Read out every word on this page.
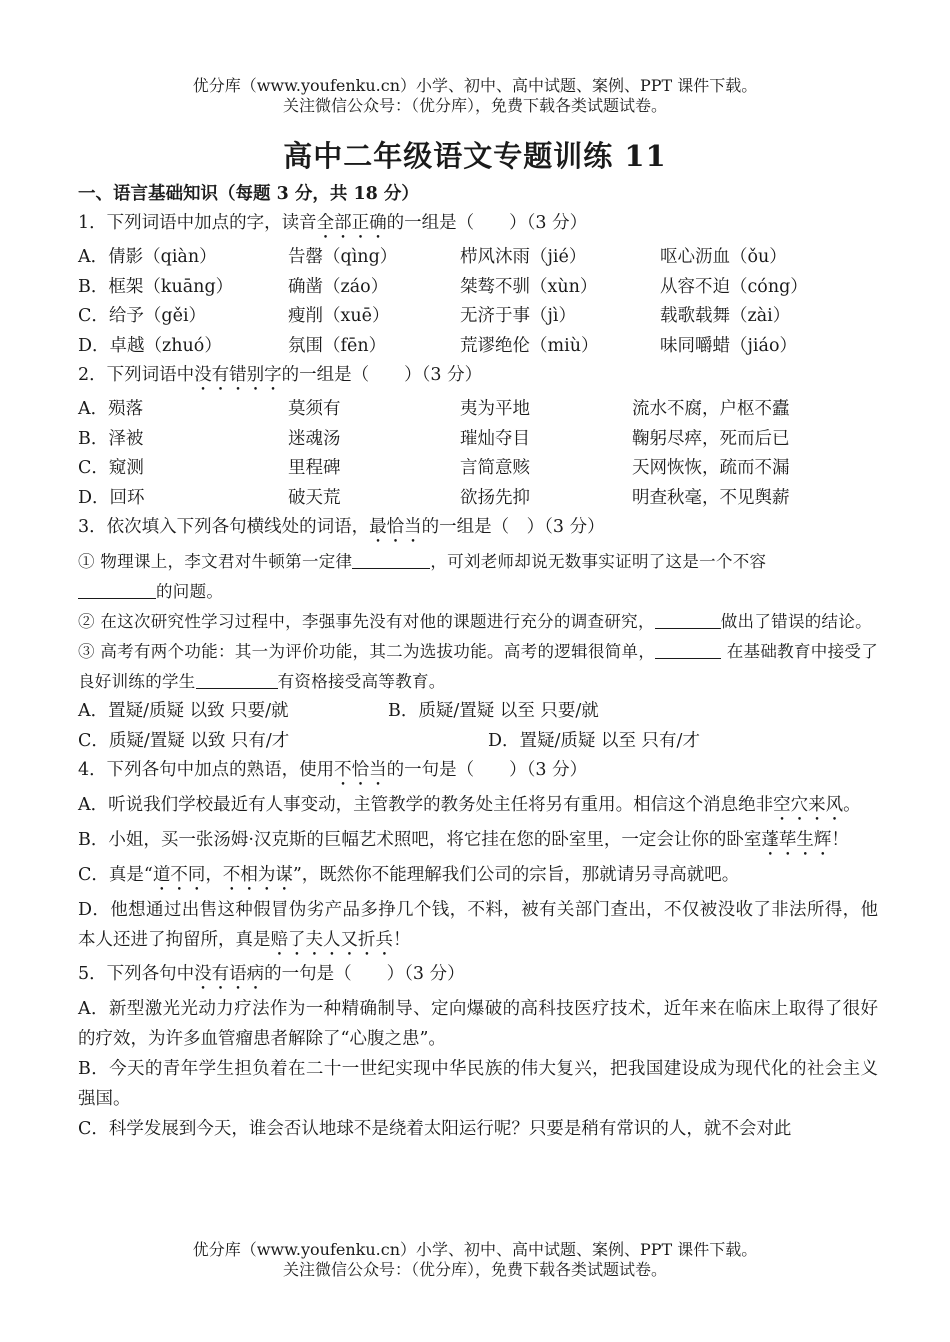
优分库（www.youfenku.cn）小学、初中、高中试题、案例、PPT 课件下载。
关注微信公众号：（优分库），免费下载各类试题试卷。
高中二年级语文专题训练 11
一、语言基础知识（每题 3 分，共 18 分）
1．下列词语中加点的字，读音全部正确的一组是（　　）（3 分）
A．倩影（qiàn）	告罄（qìng）	栉风沐雨（jié）	呕心沥血（ǒu）
B．框架（kuāng）	确凿（záo）	桀骜不驯（xùn）	从容不迫（cóng）
C．给予（gěi）	瘦削（xuē）	无济于事（jì）	载歌载舞（zài）
D．卓越（zhuó）	氛围（fēn）	荒谬绝伦（miù）	味同嚼蜡（jiáo）
2．下列词语中没有错别字的一组是（　　）（3 分）
A．殒落	莫须有	夷为平地	流水不腐，户枢不蠹
B．泽被	迷魂汤	璀灿夺目	鞠躬尽瘁，死而后已
C．窥测	里程碑	言简意赅	天网恢恢，疏而不漏
D．回环	破天荒	欲扬先抑	明查秋毫，不见舆薪
3．依次填入下列各句横线处的词语，最恰当的一组是（　）（3 分）
① 物理课上，李文君对牛顿第一定律	，可刘老师却说无数事实证明了这是一个不容
的问题。
② 在这次研究性学习过程中，李强事先没有对他的课题进行充分的调查研究，	做出了错误的结论。
③ 高考有两个功能：其一为评价功能，其二为选拔功能。高考的逻辑很简单，	在基础教育中接受了良好训练的学生	有资格接受高等教育。
A．置疑/质疑 以致 只要/就	B．质疑/置疑 以至 只要/就
C．质疑/置疑 以致 只有/才	D．置疑/质疑 以至 只有/才
4．下列各句中加点的熟语，使用不恰当的一句是（　　）（3 分）
A．听说我们学校最近有人事变动，主管教学的教务处主任将另有重用。相信这个消息绝非空穴来风。
B．小姐，买一张汤姆·汉克斯的巨幅艺术照吧，将它挂在您的卧室里，一定会让你的卧室蓬荜生辉！
C．真是“道不同，不相为谋”，既然你不能理解我们公司的宗旨，那就请另寻高就吧。
D．他想通过出售这种假冒伪劣产品多挣几个钱，不料，被有关部门查出，不仅被没收了非法所得，他本人还进了拘留所，真是赔了夫人又折兵！
5．下列各句中没有语病的一句是（　　）（3 分）
A．新型激光光动力疗法作为一种精确制导、定向爆破的高科技医疗技术，近年来在临床上取得了很好的疗效，为许多血管瘤患者解除了“心腹之患”。
B．今天的青年学生担负着在二十一世纪实现中华民族的伟大复兴，把我国建设成为现代化的社会主义强国。
C．科学发展到今天，谁会否认地球不是绕着太阳运行呢？只要是稍有常识的人，就不会对此
优分库（www.youfenku.cn）小学、初中、高中试题、案例、PPT 课件下载。
关注微信公众号：（优分库），免费下载各类试题试卷。
